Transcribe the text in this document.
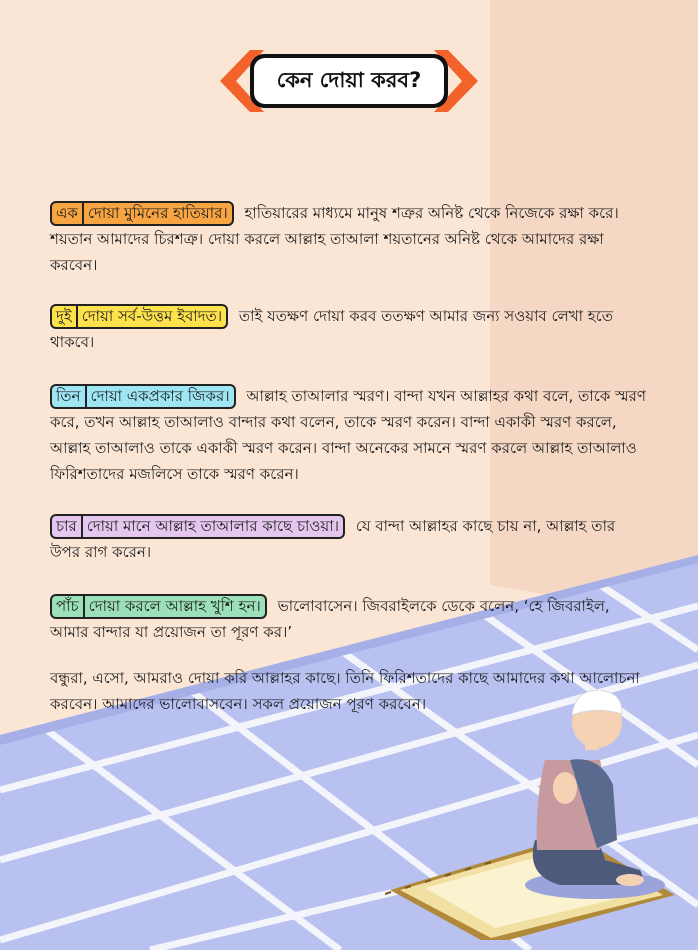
কেন দোয়া করব?
এক দোয়া মুমিনের হাতিয়ার। হাতিয়ারের মাধ্যমে মানুষ শত্রুর অনিষ্ট থেকে নিজেকে রক্ষা করে। শয়তান আমাদের চিরশত্রু। দোয়া করলে আল্লাহ তাআলা শয়তানের অনিষ্ট থেকে আমাদের রক্ষা করবেন।
দুই দোয়া সর্ব-উত্তম ইবাদত। তাই যতক্ষণ দোয়া করব ততক্ষণ আমার জন্য সওয়াব লেখা হতে থাকবে।
তিন দোয়া একপ্রকার জিকর। আল্লাহ তাআলার স্মরণ। বান্দা যখন আল্লাহর কথা বলে, তাকে স্মরণ করে, তখন আল্লাহ তাআলাও বান্দার কথা বলেন, তাকে স্মরণ করেন। বান্দা একাকী স্মরণ করলে, আল্লাহ তাআলাও তাকে একাকী স্মরণ করেন। বান্দা অনেকের সামনে স্মরণ করলে আল্লাহ তাআলাও ফিরিশতাদের মজলিসে তাকে স্মরণ করেন।
চার দোয়া মানে আল্লাহ তাআলার কাছে চাওয়া। যে বান্দা আল্লাহর কাছে চায় না, আল্লাহ তার উপর রাগ করেন।
পাঁচ দোয়া করলে আল্লাহ খুশি হন। ভালোবাসেন। জিবরাইলকে ডেকে বলেন, ‘হে জিবরাইল, আমার বান্দার যা প্রয়োজন তা পূরণ কর।’
বন্ধুরা, এসো, আমরাও দোয়া করি আল্লাহর কাছে। তিনি ফিরিশতাদের কাছে আমাদের কথা আলোচনা করবেন। আমাদের ভালোবাসবেন। সকল প্রয়োজন পূরণ করবেন।
